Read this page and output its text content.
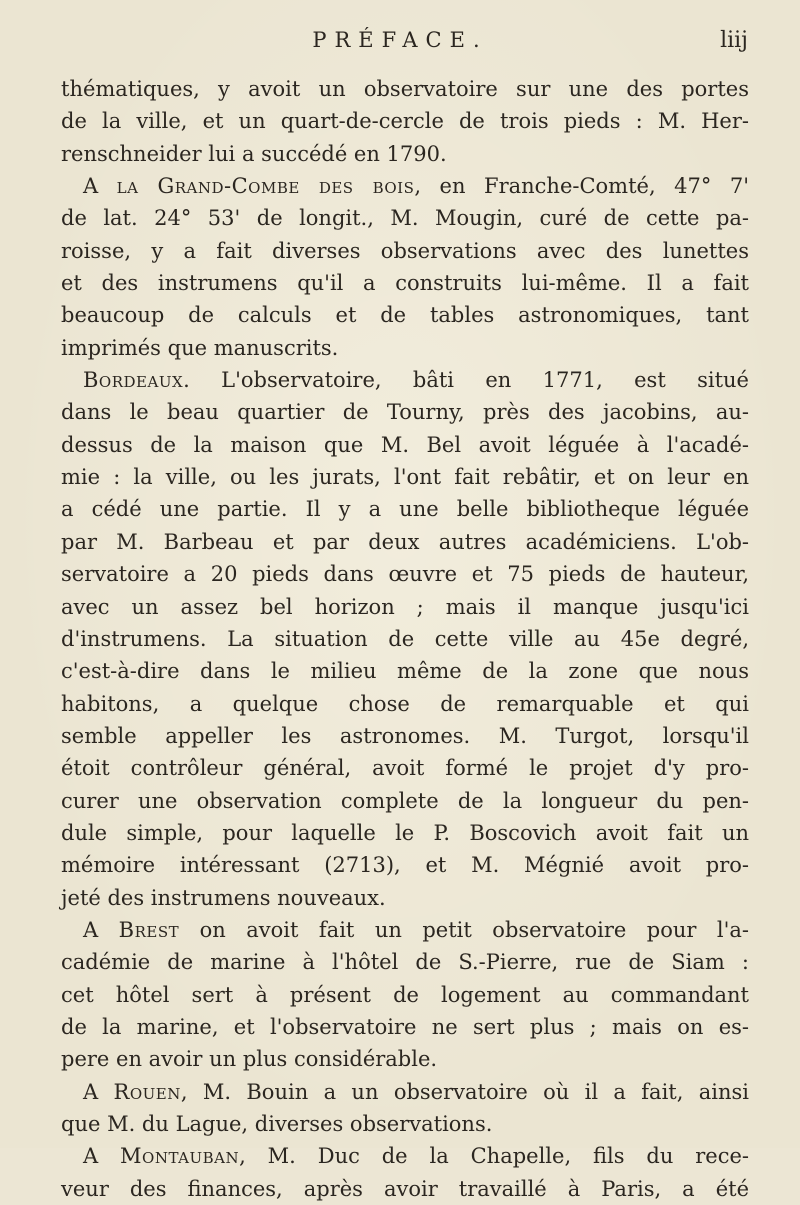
PRÉFACE.	liij
thématiques, y avoit un observatoire sur une des portes
de la ville, et un quart-de-cercle de trois pieds : M. Her-
renschneider lui a succédé en 1790.
A la Grand-Combe des bois, en Franche-Comté, 47° 7'
de lat. 24° 53' de longit., M. Mougin, curé de cette pa-
roisse, y a fait diverses observations avec des lunettes
et des instrumens qu'il a construits lui-même. Il a fait
beaucoup de calculs et de tables astronomiques, tant
imprimés que manuscrits.
Bordeaux. L'observatoire, bâti en 1771, est situé
dans le beau quartier de Tourny, près des jacobins, au-
dessus de la maison que M. Bel avoit léguée à l'acadé-
mie : la ville, ou les jurats, l'ont fait rebâtir, et on leur en
a cédé une partie. Il y a une belle bibliotheque léguée
par M. Barbeau et par deux autres académiciens. L'ob-
servatoire a 20 pieds dans œuvre et 75 pieds de hauteur,
avec un assez bel horizon ; mais il manque jusqu'ici
d'instrumens. La situation de cette ville au 45e degré,
c'est-à-dire dans le milieu même de la zone que nous
habitons, a quelque chose de remarquable et qui
semble appeller les astronomes. M. Turgot, lorsqu'il
étoit contrôleur général, avoit formé le projet d'y pro-
curer une observation complete de la longueur du pen-
dule simple, pour laquelle le P. Boscovich avoit fait un
mémoire intéressant (2713), et M. Mégnié avoit pro-
jeté des instrumens nouveaux.
A Brest on avoit fait un petit observatoire pour l'a-
cadémie de marine à l'hôtel de S.-Pierre, rue de Siam :
cet hôtel sert à présent de logement au commandant
de la marine, et l'observatoire ne sert plus ; mais on es-
pere en avoir un plus considérable.
A Rouen, M. Bouin a un observatoire où il a fait, ainsi
que M. du Lague, diverses observations.
A Montauban, M. Duc de la Chapelle, fils du rece-
veur des finances, après avoir travaillé à Paris, a été
